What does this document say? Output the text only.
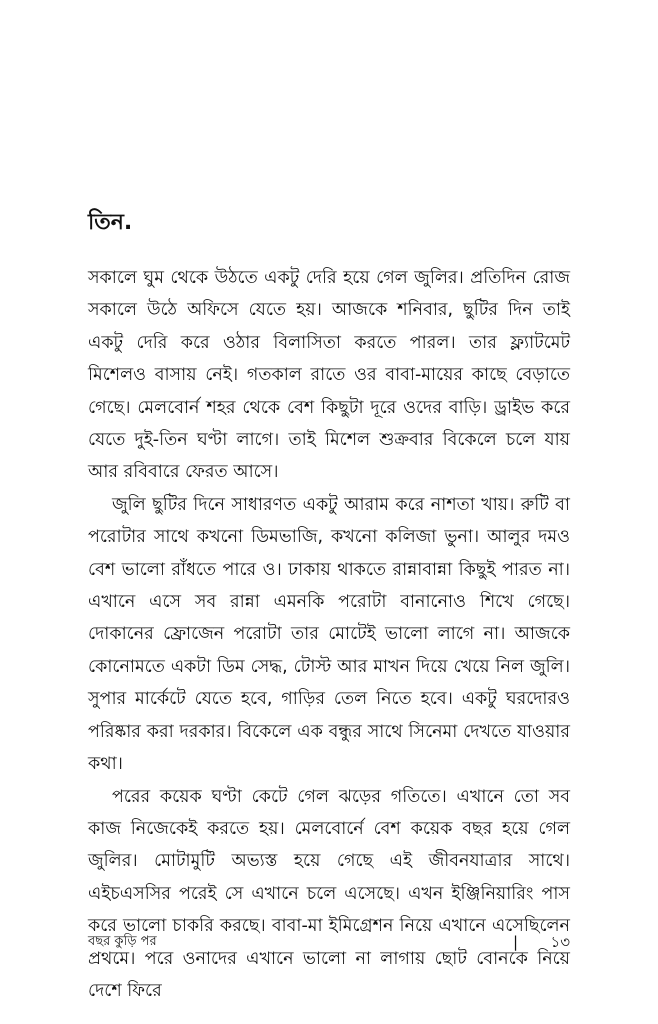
তিন.

সকালে ঘুম থেকে উঠতে একটু দেরি হয়ে গেল জুলির। প্রতিদিন রোজ সকালে উঠে অফিসে যেতে হয়। আজকে শনিবার, ছুটির দিন তাই একটু দেরি করে ওঠার বিলাসিতা করতে পারল। তার ফ্ল্যাটমেট মিশেলও বাসায় নেই। গতকাল রাতে ওর বাবা-মায়ের কাছে বেড়াতে গেছে। মেলবোর্ন শহর থেকে বেশ কিছুটা দূরে ওদের বাড়ি। ড্রাইভ করে যেতে দুই-তিন ঘণ্টা লাগে। তাই মিশেল শুক্রবার বিকেলে চলে যায় আর রবিবারে ফেরত আসে।

জুলি ছুটির দিনে সাধারণত একটু আরাম করে নাশতা খায়। রুটি বা পরোটার সাথে কখনো ডিমভাজি, কখনো কলিজা ভুনা। আলুর দমও বেশ ভালো রাঁধতে পারে ও। ঢাকায় থাকতে রান্নাবান্না কিছুই পারত না। এখানে এসে সব রান্না এমনকি পরোটা বানানোও শিখে গেছে। দোকানের ফ্রোজেন পরোটা তার মোটেই ভালো লাগে না। আজকে কোনোমতে একটা ডিম সেদ্ধ, টোস্ট আর মাখন দিয়ে খেয়ে নিল জুলি। সুপার মার্কেটে যেতে হবে, গাড়ির তেল নিতে হবে। একটু ঘরদোরও পরিষ্কার করা দরকার। বিকেলে এক বন্ধুর সাথে সিনেমা দেখতে যাওয়ার কথা।

পরের কয়েক ঘণ্টা কেটে গেল ঝড়ের গতিতে। এখানে তো সব কাজ নিজেকেই করতে হয়। মেলবোর্নে বেশ কয়েক বছর হয়ে গেল জুলির। মোটামুটি অভ্যস্ত হয়ে গেছে এই জীবনযাত্রার সাথে। এইচএসসির পরেই সে এখানে চলে এসেছে। এখন ইঞ্জিনিয়ারিং পাস করে ভালো চাকরি করছে। বাবা-মা ইমিগ্রেশন নিয়ে এখানে এসেছিলেন প্রথমে। পরে ওনাদের এখানে ভালো না লাগায় ছোট বোনকে নিয়ে দেশে ফিরে

বছর কুড়ি পর	| ১৩
